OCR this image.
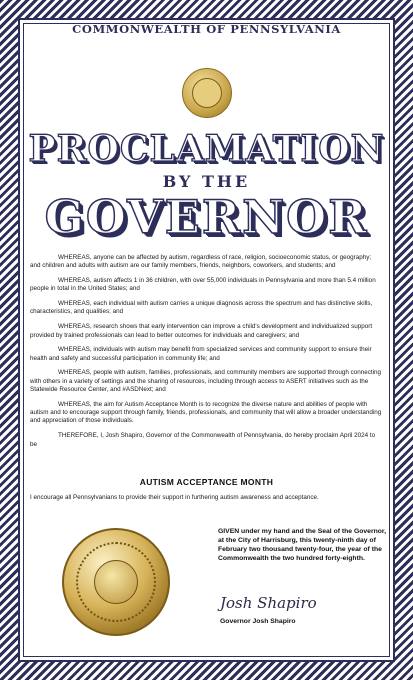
COMMONWEALTH OF PENNSYLVANIA
PROCLAMATION
BY THE
GOVERNOR

WHEREAS, anyone can be affected by autism, regardless of race, religion, socioeconomic status, or geography; and children and adults with autism are our family members, friends, neighbors, coworkers, and students; and

WHEREAS, autism affects 1 in 36 children, with over 55,000 individuals in Pennsylvania and more than 5.4 million people in total in the United States; and

WHEREAS, each individual with autism carries a unique diagnosis across the spectrum and has distinctive skills, characteristics, and qualities; and

WHEREAS, research shows that early intervention can improve a child's development and individualized support provided by trained professionals can lead to better outcomes for individuals and caregivers; and

WHEREAS, individuals with autism may benefit from specialized services and community support to ensure their health and safety and successful participation in community life; and

WHEREAS, people with autism, families, professionals, and community members are supported through connecting with others in a variety of settings and the sharing of resources, including through access to ASERT initiatives such as the Statewide Resource Center, and #ASDNext; and

WHEREAS, the aim for Autism Acceptance Month is to recognize the diverse nature and abilities of people with autism and to encourage support through family, friends, professionals, and community that will allow a broader understanding and appreciation of those individuals.

THEREFORE, I, Josh Shapiro, Governor of the Commonwealth of Pennsylvania, do hereby proclaim April 2024 to be

AUTISM ACCEPTANCE MONTH
I encourage all Pennsylvanians to provide their support in furthering autism awareness and acceptance.
GIVEN under my hand and the Seal of the Governor, at the City of Harrisburg, this twenty-ninth day of February two thousand twenty-four, the year of the Commonwealth the two hundred forty-eighth.
Josh Shapiro
Governor Josh Shapiro
